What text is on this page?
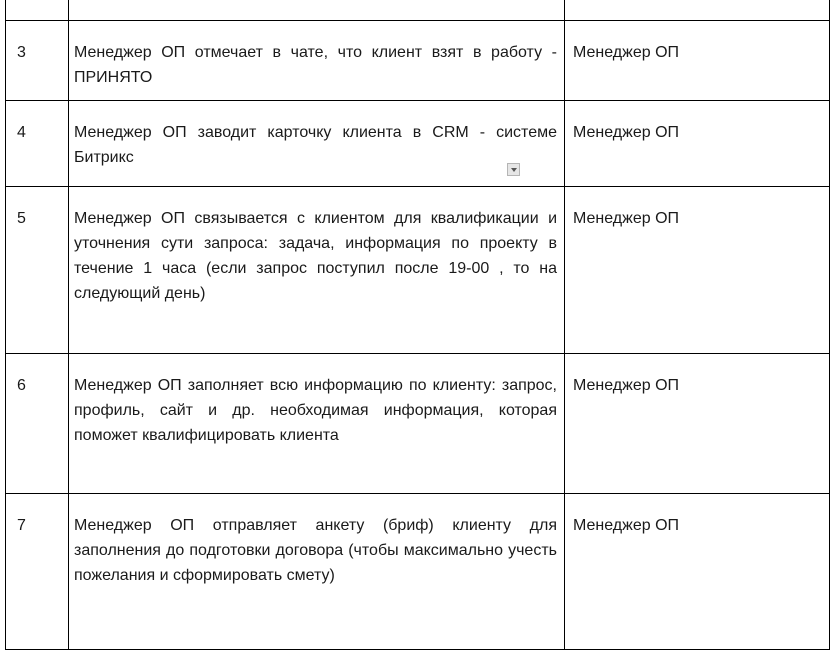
3	Менеджер ОП отмечает в чате, что клиент взят в работу - ПРИНЯТО	Менеджер ОП
4	Менеджер ОП заводит карточку клиента в CRM - системе Битрикс	Менеджер ОП
5	Менеджер ОП связывается с клиентом для квалификации и уточнения сути запроса: задача, информация по проекту в течение 1 часа (если запрос поступил после 19-00 , то на следующий день)	Менеджер ОП
6	Менеджер ОП заполняет всю информацию по клиенту: запрос, профиль, сайт и др. необходимая информация, которая поможет квалифицировать клиента	Менеджер ОП
7	Менеджер ОП отправляет анкету (бриф) клиенту для заполнения до подготовки договора (чтобы максимально учесть пожелания и сформировать смету)	Менеджер ОП
